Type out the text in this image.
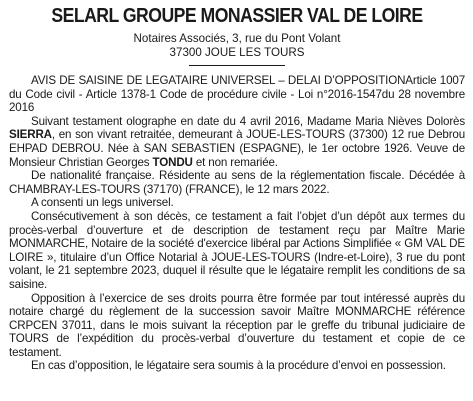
SELARL GROUPE MONASSIER VAL DE LOIRE

Notaires Associés, 3, rue du Pont Volant

37300 JOUE LES TOURS

AVIS DE SAISINE DE LEGATAIRE UNIVERSEL – DELAI D’OPPOSITIONArticle 1007 du Code civil - Article 1378-1 Code de procédure civile - Loi n°2016-1547du 28 novembre 2016

Suivant testament olographe en date du 4 avril 2016, Madame Maria Nièves Dolorès SIERRA, en son vivant retraitée, demeurant à JOUE-LES-TOURS (37300) 12 rue Debrou EHPAD DEBROU. Née à SAN SEBASTIEN (ESPAGNE), le 1er octobre 1926. Veuve de Monsieur Christian Georges TONDU et non remariée.

De nationalité française. Résidente au sens de la réglementation fiscale. Décédée à CHAMBRAY-LES-TOURS (37170) (FRANCE), le 12 mars 2022.

A consenti un legs universel.

Consécutivement à son décès, ce testament a fait l’objet d’un dépôt aux termes du procès-verbal d’ouverture et de description de testament reçu par Maître Marie MONMARCHE, Notaire de la société d'exercice libéral par Actions Simplifiée « GM VAL DE LOIRE », titulaire d’un Office Notarial à JOUE-LES-TOURS (Indre-et-Loire), 3 rue du pont volant, le 21 septembre 2023, duquel il résulte que le légataire remplit les conditions de sa saisine.

Opposition à l’exercice de ses droits pourra être formée par tout intéressé auprès du notaire chargé du règlement de la succession savoir Maître MONMARCHE référence CRPCEN 37011, dans le mois suivant la réception par le greffe du tribunal judiciaire de TOURS de l’expédition du procès-verbal d’ouverture du testament et copie de ce testament.

En cas d’opposition, le légataire sera soumis à la procédure d’envoi en possession.
